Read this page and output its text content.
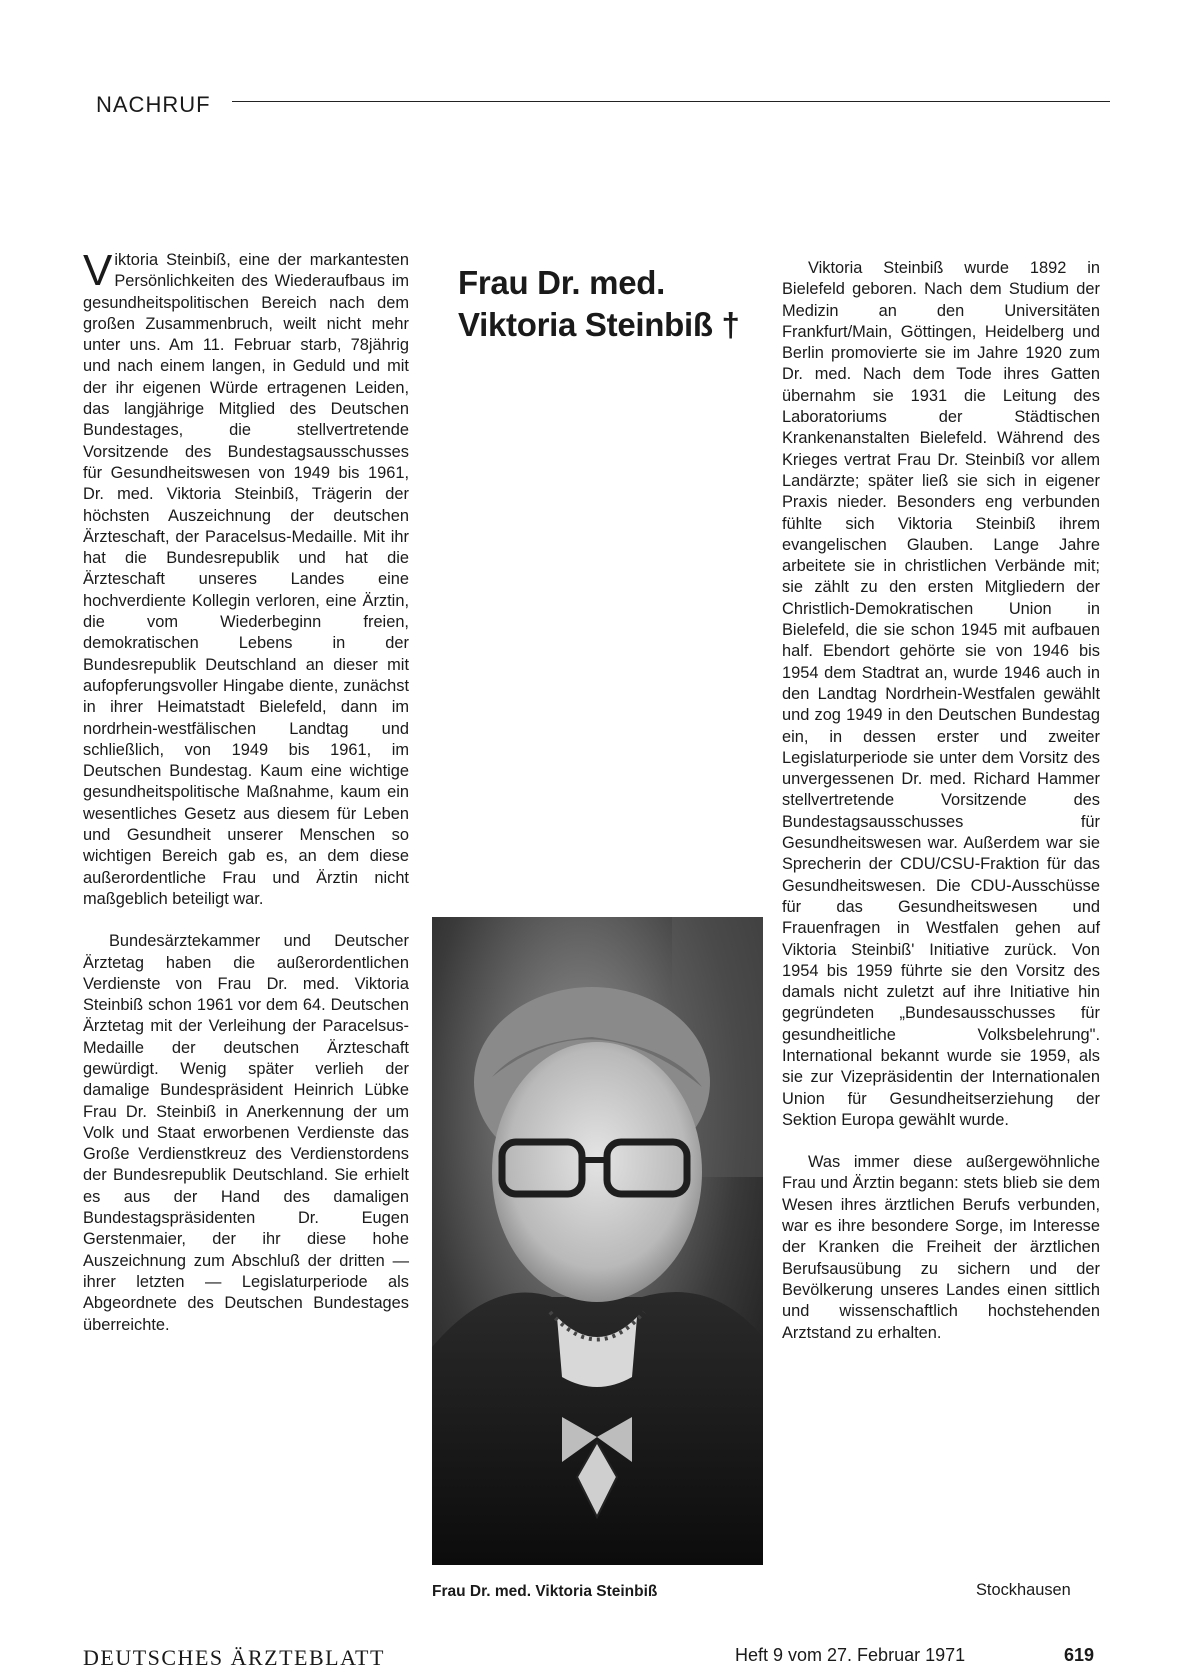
NACHRUF

Viktoria Steinbiß, eine der markantesten Persönlichkeiten des Wiederaufbaus im gesundheitspolitischen Bereich nach dem großen Zusammenbruch, weilt nicht mehr unter uns. Am 11. Februar starb, 78jährig und nach einem langen, in Geduld und mit der ihr eigenen Würde ertragenen Leiden, das langjährige Mitglied des Deutschen Bundestages, die stellvertretende Vorsitzende des Bundestagsausschusses für Gesundheitswesen von 1949 bis 1961, Dr. med. Viktoria Steinbiß, Trägerin der höchsten Auszeichnung der deutschen Ärzteschaft, der Paracelsus-Medaille. Mit ihr hat die Bundesrepublik und hat die Ärzteschaft unseres Landes eine hochverdiente Kollegin verloren, eine Ärztin, die vom Wiederbeginn freien, demokratischen Lebens in der Bundesrepublik Deutschland an dieser mit aufopferungsvoller Hingabe diente, zunächst in ihrer Heimatstadt Bielefeld, dann im nordrhein-westfälischen Landtag und schließlich, von 1949 bis 1961, im Deutschen Bundestag. Kaum eine wichtige gesundheitspolitische Maßnahme, kaum ein wesentliches Gesetz aus diesem für Leben und Gesundheit unserer Menschen so wichtigen Bereich gab es, an dem diese außerordentliche Frau und Ärztin nicht maßgeblich beteiligt war.

Bundesärztekammer und Deutscher Ärztetag haben die außerordentlichen Verdienste von Frau Dr. med. Viktoria Steinbiß schon 1961 vor dem 64. Deutschen Ärztetag mit der Verleihung der Paracelsus-Medaille der deutschen Ärzteschaft gewürdigt. Wenig später verlieh der damalige Bundespräsident Heinrich Lübke Frau Dr. Steinbiß in Anerkennung der um Volk und Staat erworbenen Verdienste das Große Verdienstkreuz des Verdienstordens der Bundesrepublik Deutschland. Sie erhielt es aus der Hand des damaligen Bundestagspräsidenten Dr. Eugen Gerstenmaier, der ihr diese hohe Auszeichnung zum Abschluß der dritten — ihrer letzten — Legislaturperiode als Abgeordnete des Deutschen Bundestages überreichte.

Frau Dr. med.
Viktoria Steinbiß †
Frau Dr. med. Viktoria Steinbiß

Viktoria Steinbiß wurde 1892 in Bielefeld geboren. Nach dem Studium der Medizin an den Universitäten Frankfurt/Main, Göttingen, Heidelberg und Berlin promovierte sie im Jahre 1920 zum Dr. med. Nach dem Tode ihres Gatten übernahm sie 1931 die Leitung des Laboratoriums der Städtischen Krankenanstalten Bielefeld. Während des Krieges vertrat Frau Dr. Steinbiß vor allem Landärzte; später ließ sie sich in eigener Praxis nieder. Besonders eng verbunden fühlte sich Viktoria Steinbiß ihrem evangelischen Glauben. Lange Jahre arbeitete sie in christlichen Verbände mit; sie zählt zu den ersten Mitgliedern der Christlich-Demokratischen Union in Bielefeld, die sie schon 1945 mit aufbauen half. Ebendort gehörte sie von 1946 bis 1954 dem Stadtrat an, wurde 1946 auch in den Landtag Nordrhein-Westfalen gewählt und zog 1949 in den Deutschen Bundestag ein, in dessen erster und zweiter Legislaturperiode sie unter dem Vorsitz des unvergessenen Dr. med. Richard Hammer stellvertretende Vorsitzende des Bundestagsausschusses für Gesundheitswesen war. Außerdem war sie Sprecherin der CDU/CSU-Fraktion für das Gesundheitswesen. Die CDU-Ausschüsse für das Gesundheitswesen und Frauenfragen in Westfalen gehen auf Viktoria Steinbiß' Initiative zurück. Von 1954 bis 1959 führte sie den Vorsitz des damals nicht zuletzt auf ihre Initiative hin gegründeten „Bundesausschusses für gesundheitliche Volksbelehrung". International bekannt wurde sie 1959, als sie zur Vizepräsidentin der Internationalen Union für Gesundheitserziehung der Sektion Europa gewählt wurde.

Was immer diese außergewöhnliche Frau und Ärztin begann: stets blieb sie dem Wesen ihres ärztlichen Berufs verbunden, war es ihre besondere Sorge, im Interesse der Kranken die Freiheit der ärztlichen Berufsausübung zu sichern und der Bevölkerung unseres Landes einen sittlich und wissenschaftlich hochstehenden Arztstand zu erhalten.

Stockhausen
DEUTSCHES ÄRZTEBLATT	Heft 9 vom 27. Februar 1971	619
